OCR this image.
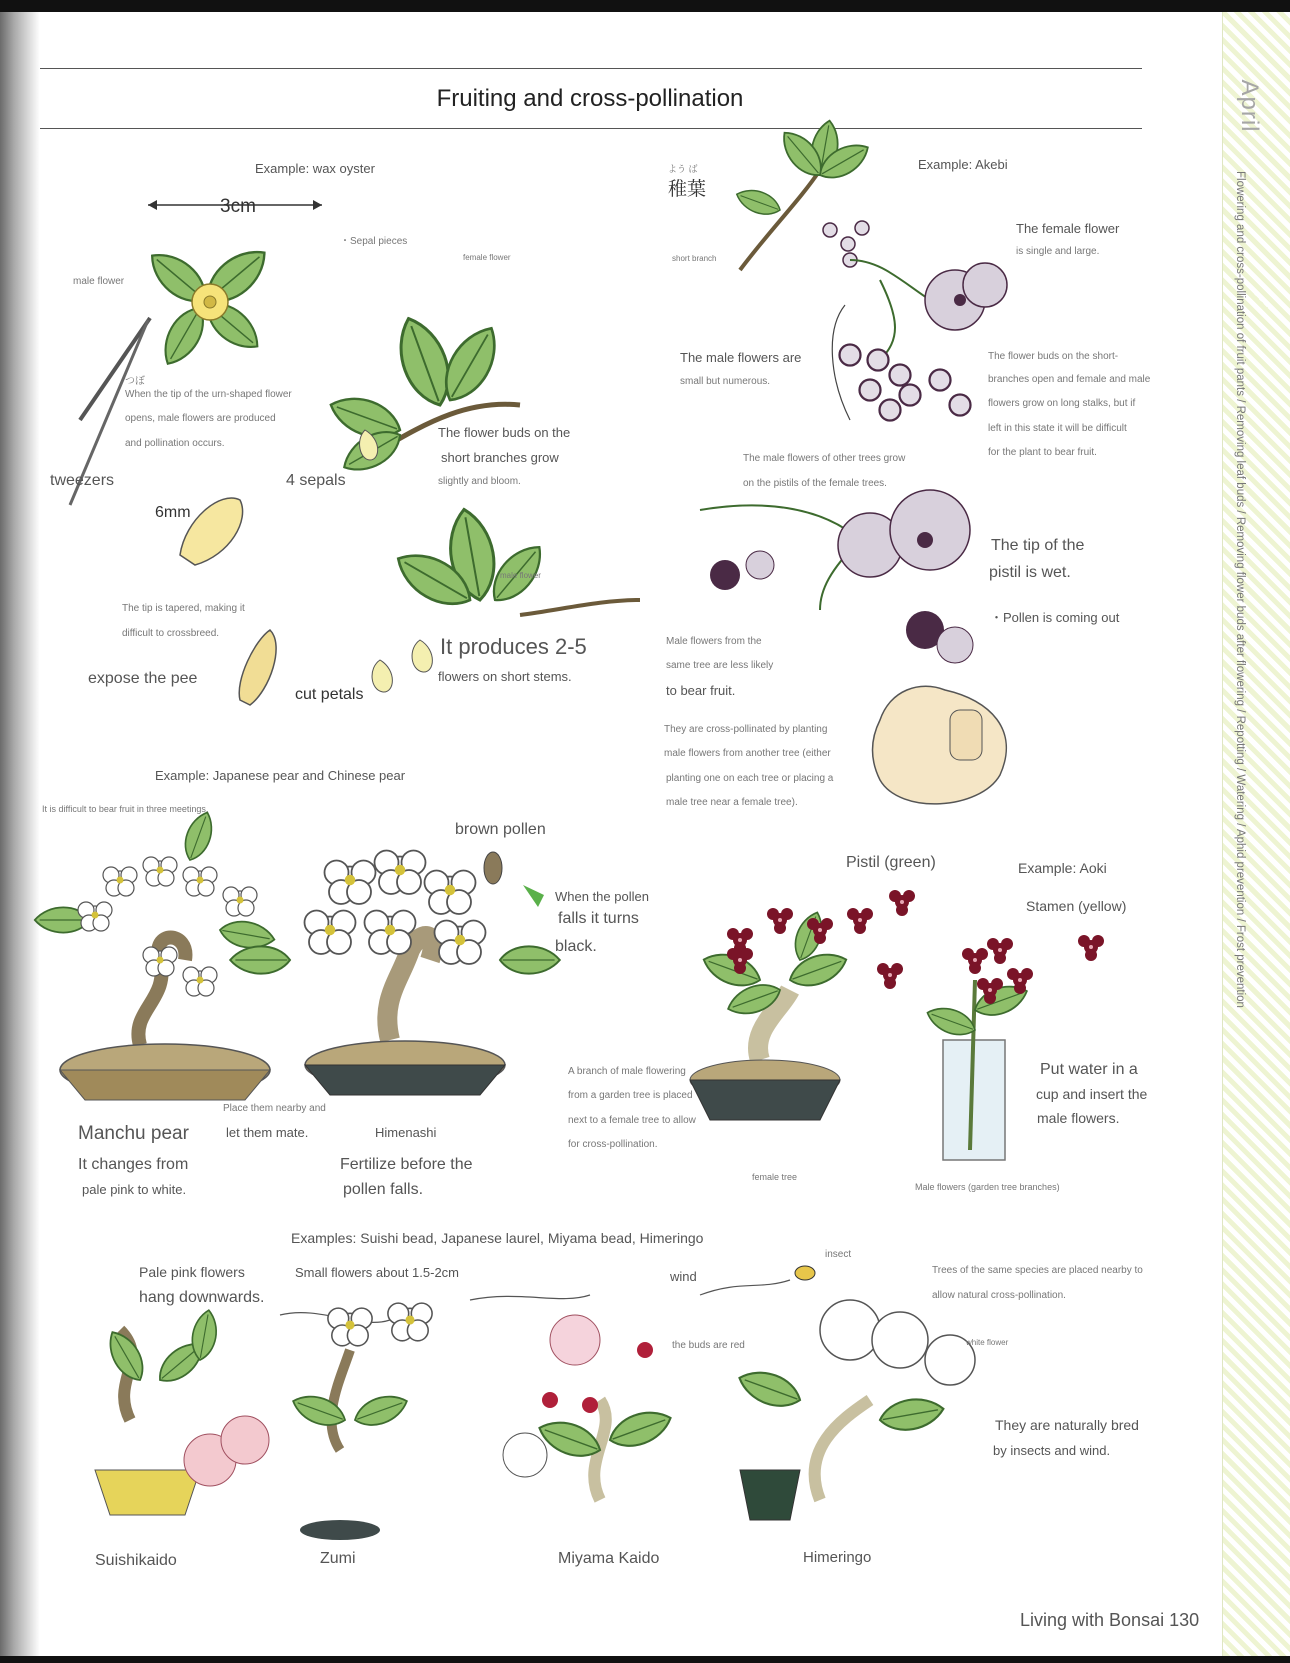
April
Flowering and cross-pollination of fruit pants / Removing leaf buds / Removing flower buds after flowering / Repotting / Watering / Aphid prevention / Frost prevention
Fruiting and cross-pollination
Example: wax oyster
3cm
・Sepal pieces
female flower
male flower
つぼ
When the tip of the urn-shaped flower
opens, male flowers are produced
and pollination occurs.
tweezers	4 sepals
The flower buds on the
short branches grow
slightly and bloom.
6mm
The tip is tapered, making it
difficult to crossbreed.
expose the pee
cut petals
male flower
It produces 2-5
flowers on short stems.
よう ば
稚葉
Example: Akebi
short branch
The female flower
is single and large.
The male flowers are
small but numerous.
The flower buds on the short-
branches open and female and male
flowers grow on long stalks, but if
left in this state it will be difficult
for the plant to bear fruit.
The male flowers of other trees grow
on the pistils of the female trees.
The tip of the
pistil is wet.
・Pollen is coming out
Male flowers from the
same tree are less likely
to bear fruit.
They are cross-pollinated by planting
male flowers from another tree (either
planting one on each tree or placing a
male tree near a female tree).
Example: Japanese pear and Chinese pear
It is difficult to bear fruit in three meetings.
brown pollen
When the pollen
falls it turns
black.
Manchu pear
It changes from
pale pink to white.
Place them nearby and
let them mate.	Himenashi
Fertilize before the
pollen falls.
Pistil (green)	Example: Aoki
Stamen (yellow)
A branch of male flowering
from a garden tree is placed
next to a female tree to allow
for cross-pollination.
female tree
Put water in a
cup and insert the
male flowers.
Male flowers (garden tree branches)
Examples: Suishi bead, Japanese laurel, Miyama bead, Himeringo
Pale pink flowers
hang downwards.
Small flowers about 1.5-2cm	wind
insect
Trees of the same species are placed nearby to
allow natural cross-pollination.
the buds are red	white flower
They are naturally bred
by insects and wind.
Suishikaido	Zumi	Miyama Kaido	Himeringo
Living with Bonsai 130
